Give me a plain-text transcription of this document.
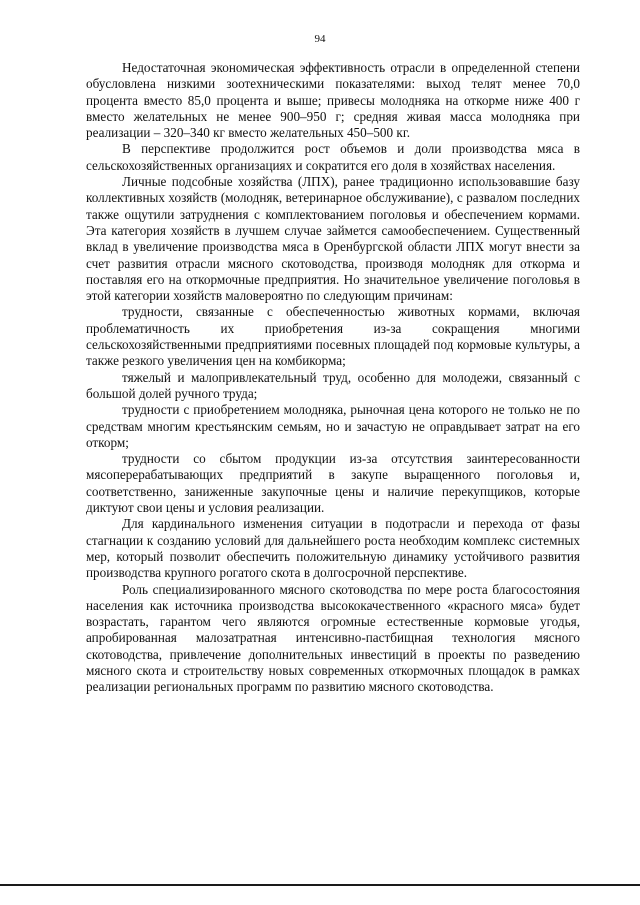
94

Недостаточная экономическая эффективность отрасли в определенной степени обусловлена низкими зоотехническими показателями: выход телят менее 70,0 процента вместо 85,0 процента и выше; привесы молодняка на откорме ниже 400 г вместо желательных не менее 900–950 г; средняя живая масса молодняка при реализации – 320–340 кг вместо желательных 450–500 кг.

В перспективе продолжится рост объемов и доли производства мяса в сельскохозяйственных организациях и сократится его доля в хозяйствах населения.

Личные подсобные хозяйства (ЛПХ), ранее традиционно использовавшие базу коллективных хозяйств (молодняк, ветеринарное обслуживание), с развалом последних также ощутили затруднения с комплектованием поголовья и обеспечением кормами. Эта категория хозяйств в лучшем случае займется самообеспечением. Существенный вклад в увеличение производства мяса в Оренбургской области ЛПХ могут внести за счет развития отрасли мясного скотоводства, производя молодняк для откорма и поставляя его на откормочные предприятия. Но значительное увеличение поголовья в этой категории хозяйств маловероятно по следующим причинам:

трудности, связанные с обеспеченностью животных кормами, включая проблематичность их приобретения из-за сокращения многими сельскохозяйственными предприятиями посевных площадей под кормовые культуры, а также резкого увеличения цен на комбикорма;

тяжелый и малопривлекательный труд, особенно для молодежи, связанный с большой долей ручного труда;

трудности с приобретением молодняка, рыночная цена которого не только не по средствам многим крестьянским семьям, но и зачастую не оправдывает затрат на его откорм;

трудности со сбытом продукции из-за отсутствия заинтересованности мясоперерабатывающих предприятий в закупе выращенного поголовья и, соответственно, заниженные закупочные цены и наличие перекупщиков, которые диктуют свои цены и условия реализации.

Для кардинального изменения ситуации в подотрасли и перехода от фазы стагнации к созданию условий для дальнейшего роста необходим комплекс системных мер, который позволит обеспечить положительную динамику устойчивого развития производства крупного рогатого скота в долгосрочной перспективе.

Роль специализированного мясного скотоводства по мере роста благосостояния населения как источника производства высококачественного «красного мяса» будет возрастать, гарантом чего являются огромные естественные кормовые угодья, апробированная малозатратная интенсивно-пастбищная технология мясного скотоводства, привлечение дополнительных инвестиций в проекты по разведению мясного скота и строительству новых современных откормочных площадок в рамках реализации региональных программ по развитию мясного скотоводства.
